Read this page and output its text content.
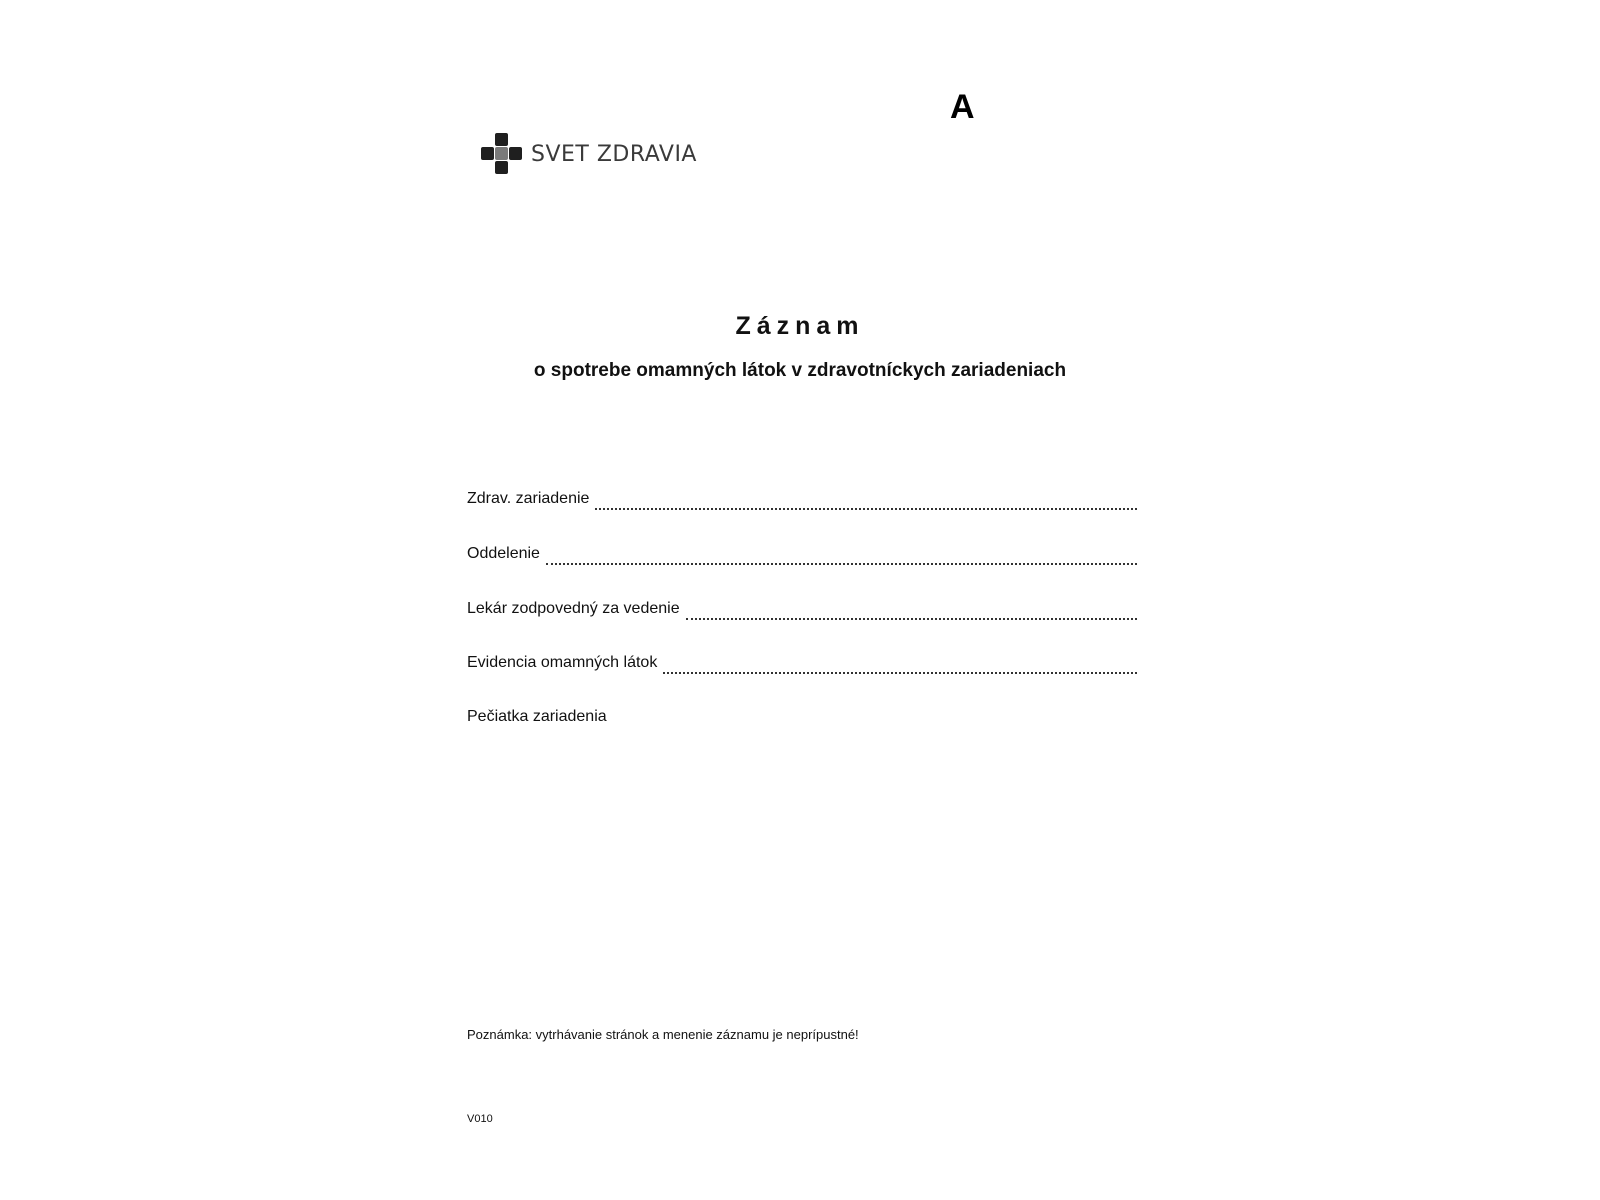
SVET ZDRAVIA
A
Záznam
o spotrebe omamných látok v zdravotníckych zariadeniach
Zdrav. zariadenie
Oddelenie
Lekár zodpovedný za vedenie
Evidencia omamných látok
Pečiatka zariadenia
Poznámka: vytrhávanie stránok a menenie záznamu je neprípustné!
V010
